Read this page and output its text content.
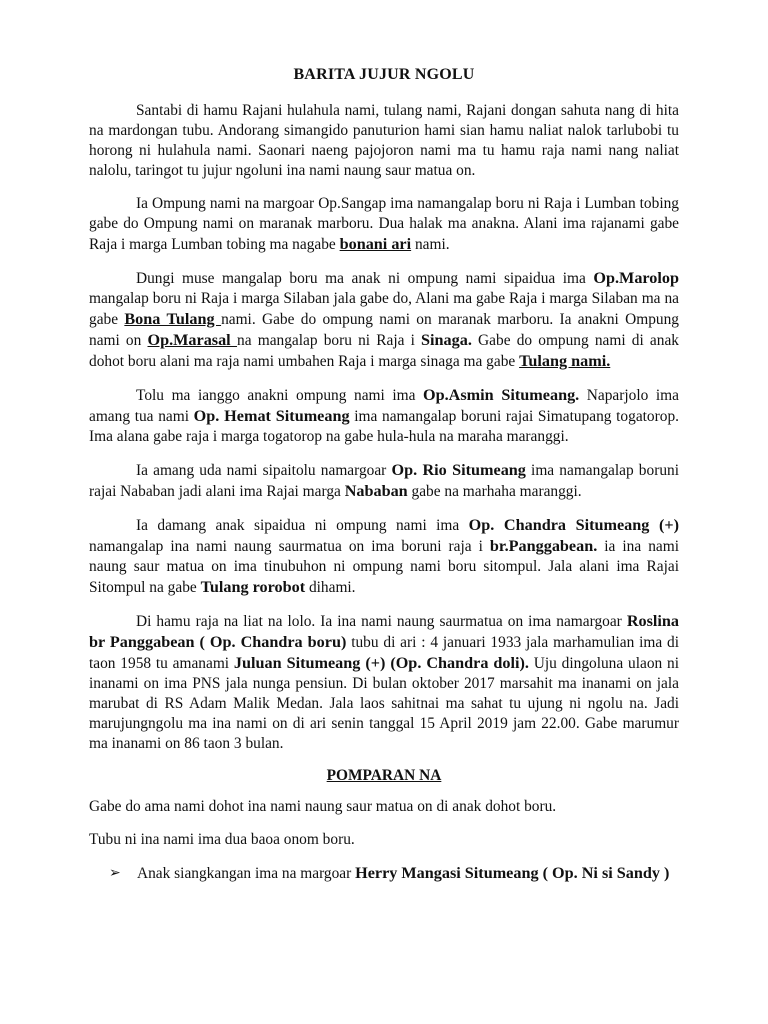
BARITA JUJUR NGOLU

Santabi di hamu Rajani hulahula nami, tulang nami, Rajani dongan sahuta nang di hita na mardongan tubu. Andorang simangido panuturion hami sian hamu naliat nalok tarlubobi tu horong ni hulahula nami. Saonari naeng pajojoron nami ma tu hamu raja nami nang naliat nalolu, taringot tu jujur ngoluni ina nami naung saur matua on.

Ia Ompung nami na margoar Op.Sangap ima namangalap boru ni Raja i Lumban tobing gabe do Ompung nami on maranak marboru. Dua halak ma anakna. Alani ima rajanami gabe Raja i marga Lumban tobing ma nagabe bonani ari nami.

Dungi muse mangalap boru ma anak ni ompung nami sipaidua ima Op.Marolop mangalap boru ni Raja i marga Silaban jala gabe do, Alani ma gabe Raja i marga Silaban ma na gabe Bona Tulang nami. Gabe do ompung nami on maranak marboru. Ia anakni Ompung nami on Op.Marasal na mangalap boru ni Raja i Sinaga. Gabe do ompung nami di anak dohot boru alani ma raja nami umbahen Raja i marga sinaga ma gabe Tulang nami.

Tolu ma ianggo anakni ompung nami ima Op.Asmin Situmeang. Naparjolo ima amang tua nami Op. Hemat Situmeang ima namangalap boruni rajai Simatupang togatorop. Ima alana gabe raja i marga togatorop na gabe hula-hula na maraha maranggi.

Ia amang uda nami sipaitolu namargoar Op. Rio Situmeang ima namangalap boruni rajai Nababan jadi alani ima Rajai marga Nababan gabe na marhaha maranggi.

Ia damang anak sipaidua ni ompung nami ima Op. Chandra Situmeang (+) namangalap ina nami naung saurmatua on ima boruni raja i br.Panggabean. ia ina nami naung saur matua on ima tinubuhon ni ompung nami boru sitompul. Jala alani ima Rajai Sitompul na gabe Tulang rorobot dihami.

Di hamu raja na liat na lolo. Ia ina nami naung saurmatua on ima namargoar Roslina br Panggabean ( Op. Chandra boru) tubu di ari : 4 januari 1933 jala marhamulian ima di taon 1958 tu amanami Juluan Situmeang (+) (Op. Chandra doli). Uju dingoluna ulaon ni inanami on ima PNS jala nunga pensiun. Di bulan oktober 2017 marsahit ma inanami on jala marubat di RS Adam Malik Medan. Jala laos sahitnai ma sahat tu ujung ni ngolu na. Jadi marujungngolu ma ina nami on di ari senin tanggal 15 April 2019 jam 22.00. Gabe marumur ma inanami on 86 taon 3 bulan.

POMPARAN NA

Gabe do ama nami dohot ina nami naung saur matua on di anak dohot boru.

Tubu ni ina nami ima dua baoa onom boru.

➢ Anak siangkangan ima na margoar Herry Mangasi Situmeang ( Op. Ni si Sandy )
